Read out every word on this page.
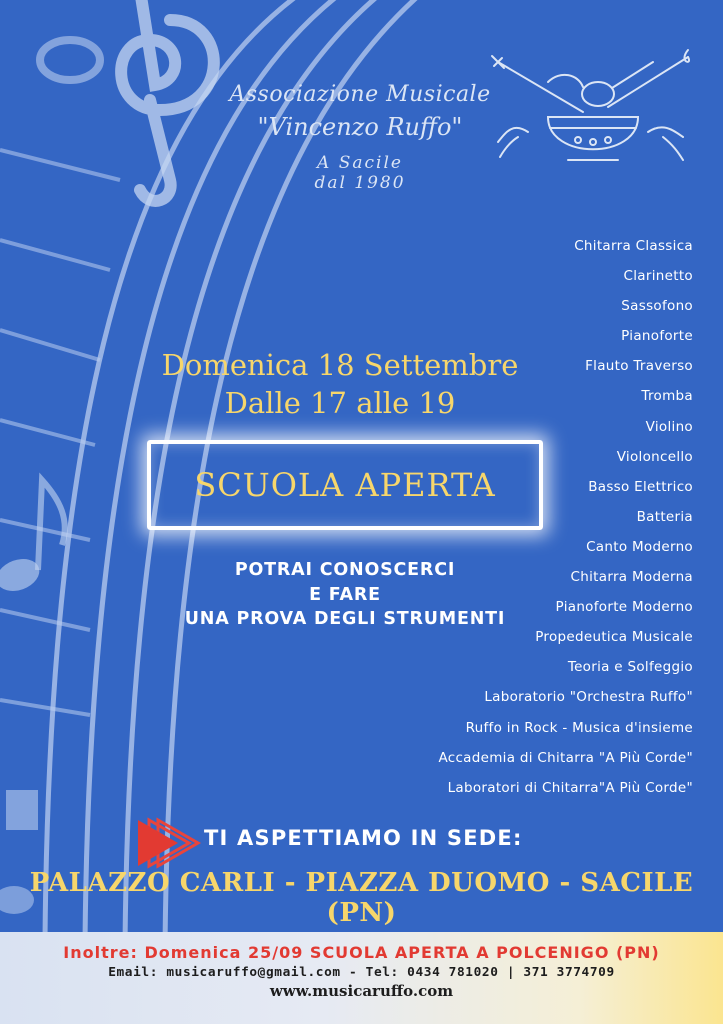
Associazione Musicale
"Vincenzo Ruffo"
A Sacile
dal 1980
Chitarra Classica
Clarinetto
Sassofono
Pianoforte
Flauto Traverso
Tromba
Violino
Violoncello
Basso Elettrico
Batteria
Canto Moderno
Chitarra Moderna
Pianoforte Moderno
Propedeutica Musicale
Teoria e Solfeggio
Laboratorio "Orchestra Ruffo"
Ruffo in Rock - Musica d'insieme
Accademia di Chitarra "A Più Corde"
Laboratori di Chitarra"A Più Corde"
Domenica 18 Settembre
Dalle 17 alle 19
SCUOLA APERTA
POTRAI CONOSCERCI
E FARE
UNA PROVA DEGLI STRUMENTI
TI ASPETTIAMO IN SEDE:
PALAZZO CARLI - PIAZZA DUOMO - SACILE (PN)
Inoltre: Domenica 25/09 SCUOLA APERTA A POLCENIGO (PN)
Email: musicaruffo@gmail.com - Tel: 0434 781020 | 371 3774709
www.musicaruffo.com
